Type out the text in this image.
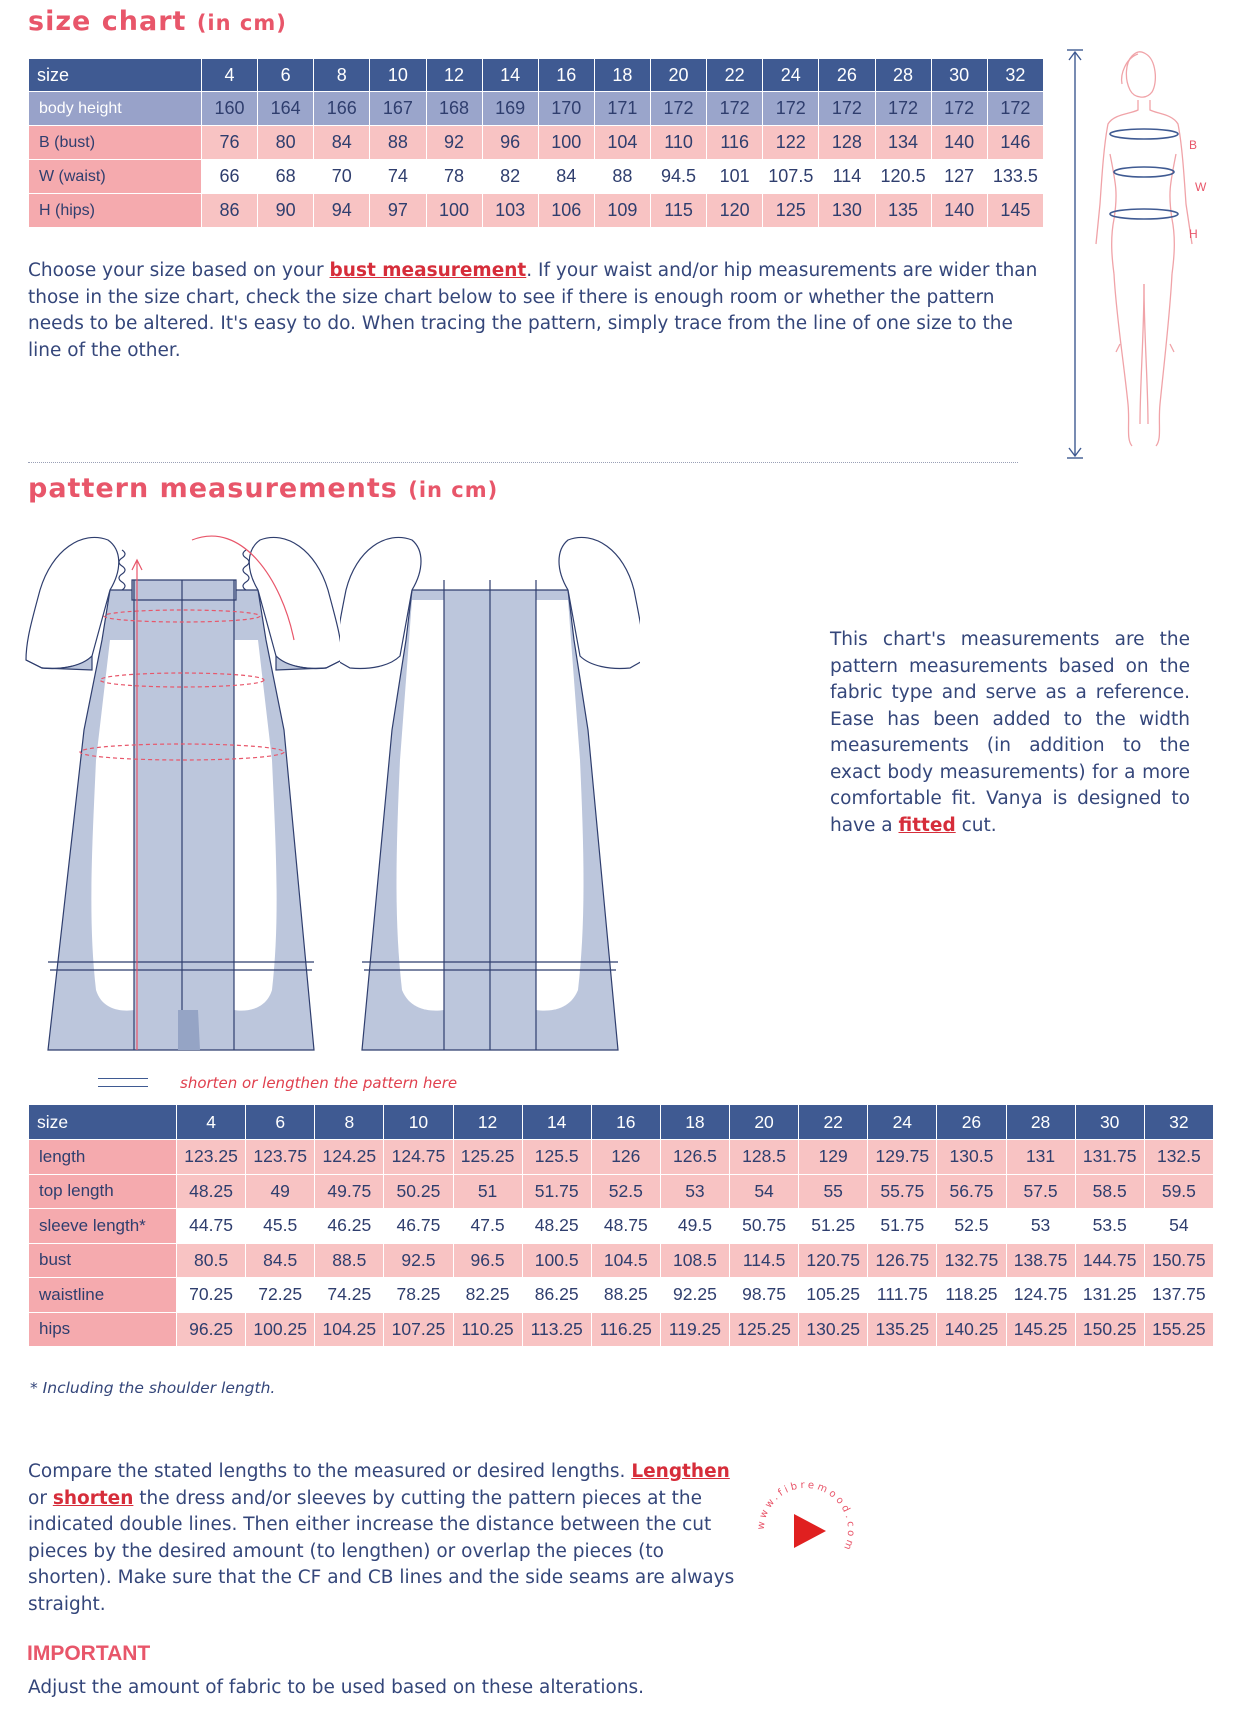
size chart (in cm)
size	4	6	8	10	12	14	16	18	20	22	24	26	28	30	32
body height	160	164	166	167	168	169	170	171	172	172	172	172	172	172	172
B (bust)	76	80	84	88	92	96	100	104	110	116	122	128	134	140	146
W (waist)	66	68	70	74	78	82	84	88	94.5	101	107.5	114	120.5	127	133.5
H (hips)	86	90	94	97	100	103	106	109	115	120	125	130	135	140	145
B
W
H

Choose your size based on your bust measurement. If your waist and/or hip measurements are wider than those in the size chart, check the size chart below to see if there is enough room or whether the pattern needs to be altered. It's easy to do. When tracing the pattern, simply trace from the line of one size to the line of the other.

pattern measurements (in cm)
shorten or lengthen the pattern here

This chart's measurements are the pattern measurements based on the fabric type and serve as a reference. Ease has been added to the width measurements (in addition to the exact body measurements) for a more comfortable fit. Vanya is designed to have a fitted cut.

size	4	6	8	10	12	14	16	18	20	22	24	26	28	30	32
length	123.25	123.75	124.25	124.75	125.25	125.5	126	126.5	128.5	129	129.75	130.5	131	131.75	132.5
top length	48.25	49	49.75	50.25	51	51.75	52.5	53	54	55	55.75	56.75	57.5	58.5	59.5
sleeve length*	44.75	45.5	46.25	46.75	47.5	48.25	48.75	49.5	50.75	51.25	51.75	52.5	53	53.5	54
bust	80.5	84.5	88.5	92.5	96.5	100.5	104.5	108.5	114.5	120.75	126.75	132.75	138.75	144.75	150.75
waistline	70.25	72.25	74.25	78.25	82.25	86.25	88.25	92.25	98.75	105.25	111.75	118.25	124.75	131.25	137.75
hips	96.25	100.25	104.25	107.25	110.25	113.25	116.25	119.25	125.25	130.25	135.25	140.25	145.25	150.25	155.25
* Including the shoulder length.

Compare the stated lengths to the measured or desired lengths. Lengthen or shorten the dress and/or sleeves by cutting the pattern pieces at the indicated double lines. Then either increase the distance between the cut pieces by the desired amount (to lengthen) or overlap the pieces (to shorten). Make sure that the CF and CB lines and the side seams are always straight.

www.fibremood.com
IMPORTANT

Adjust the amount of fabric to be used based on these alterations.
